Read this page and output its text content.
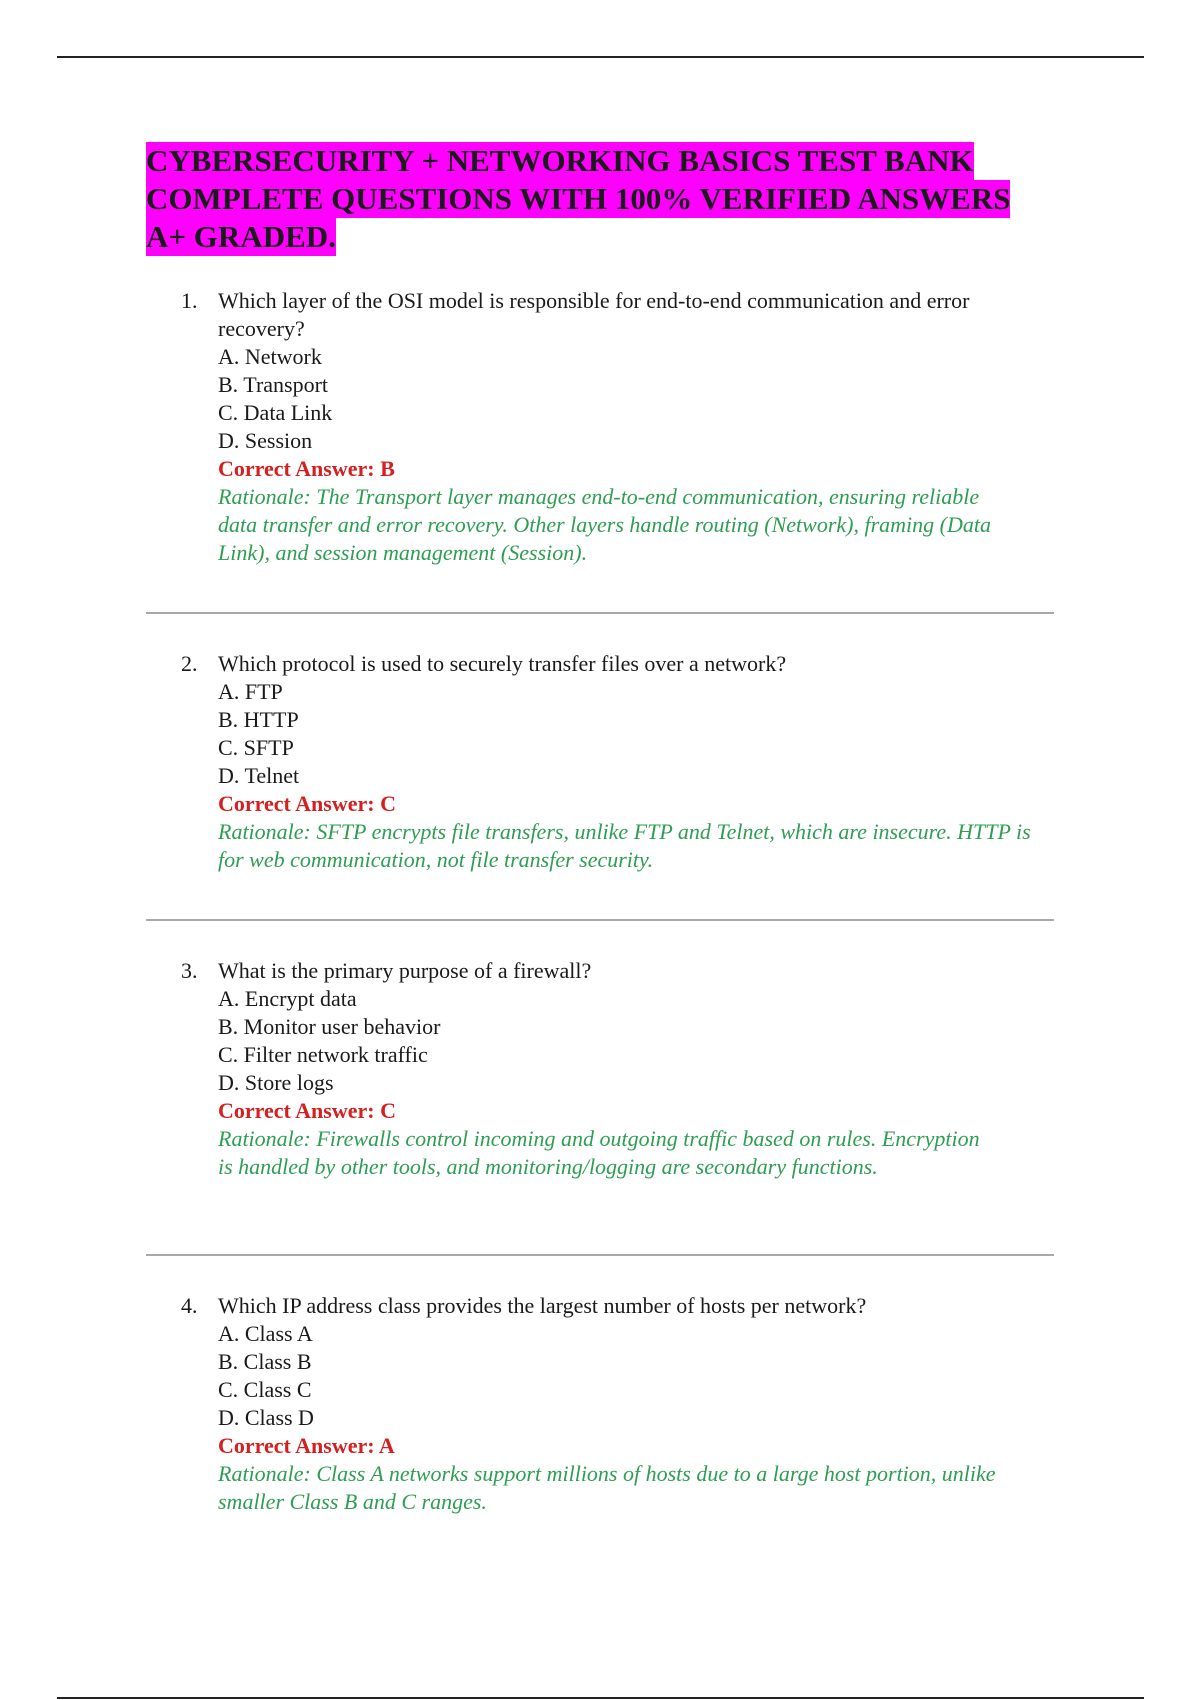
CYBERSECURITY + NETWORKING BASICS TEST BANK
COMPLETE QUESTIONS WITH 100% VERIFIED ANSWERS
A+ GRADED.
1. Which layer of the OSI model is responsible for end-to-end communication and error recovery?
A. Network
B. Transport
C. Data Link
D. Session
Correct Answer: B
Rationale: The Transport layer manages end-to-end communication, ensuring reliable data transfer and error recovery. Other layers handle routing (Network), framing (Data Link), and session management (Session).
2. Which protocol is used to securely transfer files over a network?
A. FTP
B. HTTP
C. SFTP
D. Telnet
Correct Answer: C
Rationale: SFTP encrypts file transfers, unlike FTP and Telnet, which are insecure. HTTP is for web communication, not file transfer security.
3. What is the primary purpose of a firewall?
A. Encrypt data
B. Monitor user behavior
C. Filter network traffic
D. Store logs
Correct Answer: C
Rationale: Firewalls control incoming and outgoing traffic based on rules. Encryption is handled by other tools, and monitoring/logging are secondary functions.
4. Which IP address class provides the largest number of hosts per network?
A. Class A
B. Class B
C. Class C
D. Class D
Correct Answer: A
Rationale: Class A networks support millions of hosts due to a large host portion, unlike smaller Class B and C ranges.
